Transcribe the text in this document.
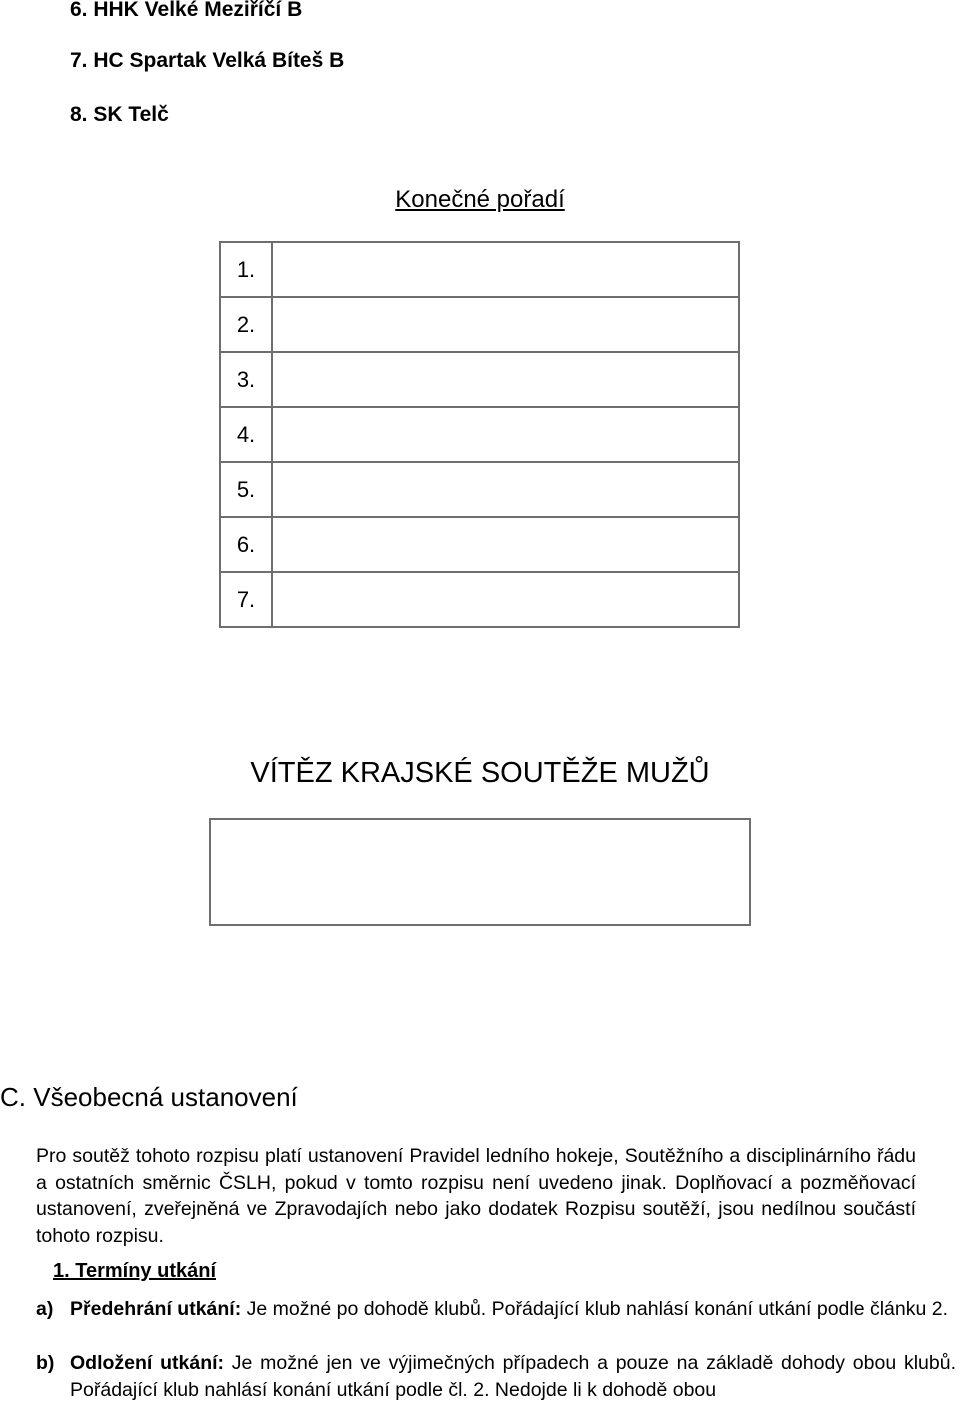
6. HHK Velké Meziříčí B
7. HC Spartak Velká Bíteš B
8. SK Telč
Konečné pořadí
1.	
2.	
3.	
4.	
5.	
6.	
7.	
VÍTĚZ KRAJSKÉ SOUTĚŽE MUŽŮ
C. Všeobecná ustanovení
Pro soutěž tohoto rozpisu platí ustanovení Pravidel ledního hokeje, Soutěžního a disciplinárního řádu a ostatních směrnic ČSLH, pokud v tomto rozpisu není uvedeno jinak. Doplňovací a pozměňovací ustanovení, zveřejněná ve Zpravodajích nebo jako dodatek Rozpisu soutěží, jsou nedílnou součástí tohoto rozpisu.
1. Termíny utkání
a) Předehrání utkání: Je možné po dohodě klubů. Pořádající klub nahlásí konání utkání podle článku 2.
b) Odložení utkání: Je možné jen ve výjimečných případech a pouze na základě dohody obou klubů. Pořádající klub nahlásí konání utkání podle čl. 2. Nedojde li k dohodě obou
